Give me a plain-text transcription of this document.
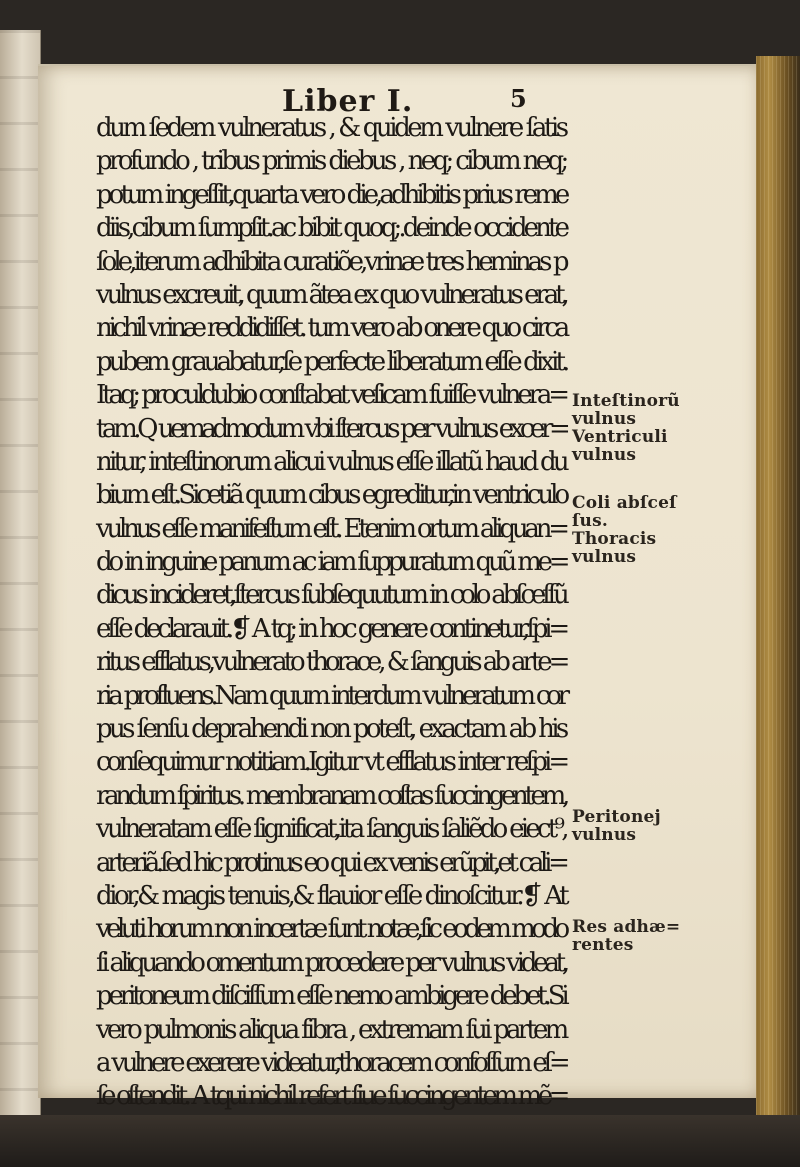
Liber I.	5
dum ſedem vulneratus , & quidem vulnere ſatis
profundo , tribus primis diebus , neq; cibum neq;
potum ingeſſit,quarta vero die,adhibitis prius reme
diis,cibum ſumpſit.ac bibit quoq;.deinde occidente
ſole,iterum adhibita curatiõe,vrinæ tres heminas p
vulnus excreuit, quum ãtea ex quo vulneratus erat,
nichil vrinæ reddidiſſet. tum vero ab onere quo circa
pubem grauabatur,ſe perfecte liberatum eſſe dixit.
Itaq; proculdubio conſtabat veſicam fuiſſe vulnera=
tam.Q uemadmodum vbi ſtercus per vulnus excer=
nitur, inteſtinorum alicui vulnus eſſe illatũ haud du
bium eſt.Sicetiã quum cibus egreditur,in ventriculo
vulnus eſſe manifeſtum eſt. Etenim ortum aliquan=
do in inguine panum ac iam ſuppuratum quũ me=
dicus incideret,ſtercus ſubſequutum in colo abſceſſũ
eſſe declarauit.❡ A tq; in hoc genere continetur,ſpi=
ritus efflatus,vulnerato thorace, & ſanguis ab arte=
ria profluens.Nam quum interdum vulneratum cor
pus ſenſu deprahendi non poteſt, exactam ab his
conſequimur notitiam.Igitur vt efflatus inter reſpi=
randum ſpiritus. membranam coſtas ſuccingentem,
vulneratam eſſe ſignificat,ita ſanguis ſaliẽdo eiect⁹,
arteriã.ſed hic protinus eo qui ex venis erũpit,et cali=
dior,& magis tenuis,& flauior eſſe dinoſcitur.❡ At
veluti horum non incertæ ſunt notæ,ſic eodem modo
ſi aliquando omentum procedere per vulnus videat,
peritoneum diſciſſum eſſe nemo ambigere debet.Si
vero pulmonis aliqua fibra , extremam ſui partem
a vulnere exerere videatur,thoracem confoſſum eſ=
ſe oſtendit. A tqui nichil refert ſiue ſuccingentem mẽ=
Inteſtinorũ
vulnus
Ventriculi
vulnus
Coli abſceſ
ſus.
Thoracis
vulnus
Peritonej
vulnus
Res adhæ=
rentes
